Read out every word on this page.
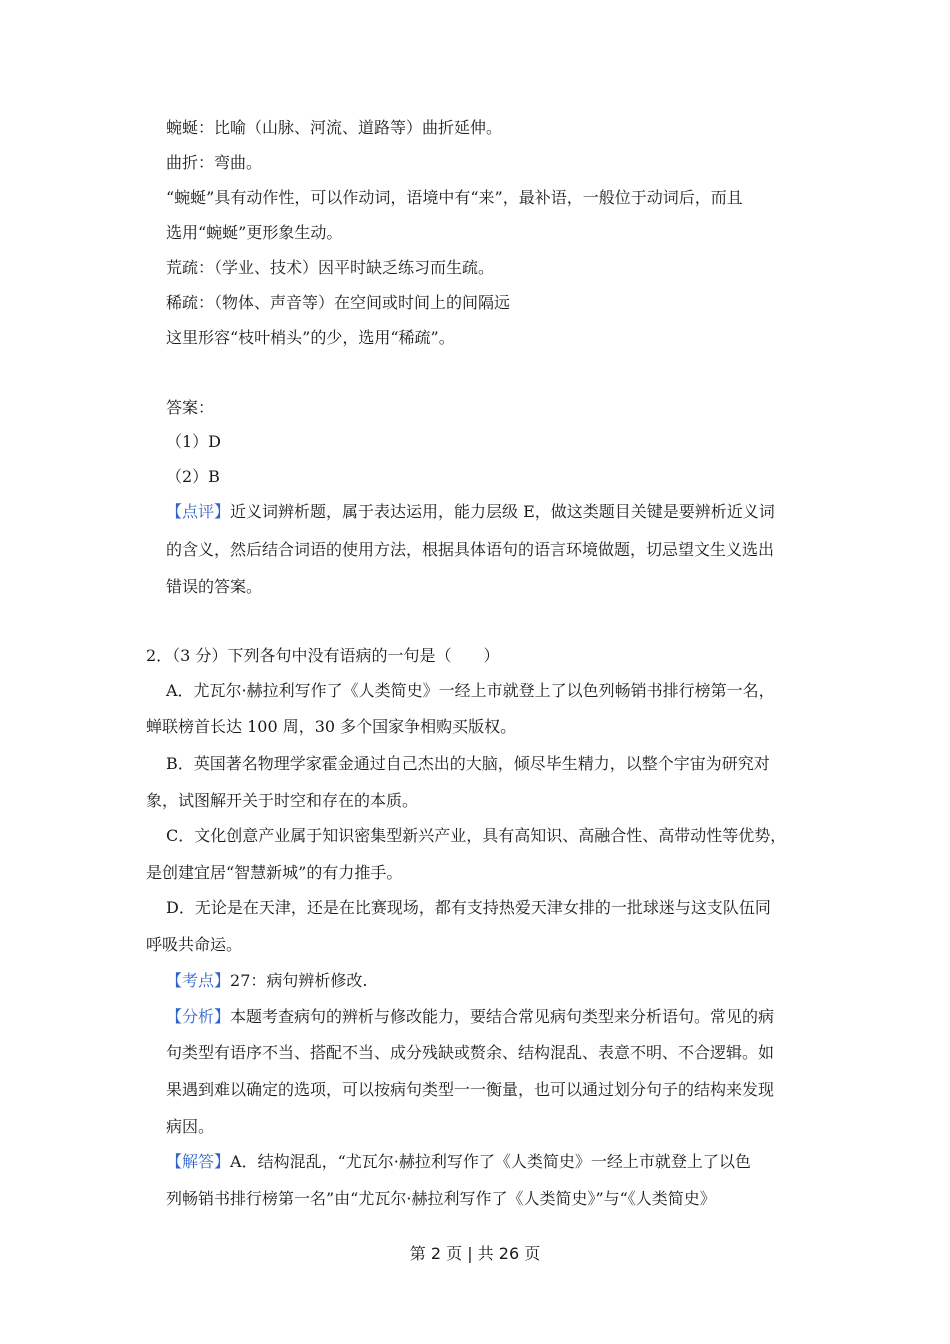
蜿蜒：比喻（山脉、河流、道路等）曲折延伸。
曲折：弯曲。
“蜿蜒”具有动作性，可以作动词，语境中有“来”，最补语，一般位于动词后，而且
选用“蜿蜒”更形象生动。
荒疏：（学业、技术）因平时缺乏练习而生疏。
稀疏：（物体、声音等）在空间或时间上的间隔远
这里形容“枝叶梢头”的少，选用“稀疏”。
答案：
（1）D
（2）B
【点评】近义词辨析题，属于表达运用，能力层级 E，做这类题目关键是要辨析近义词
的含义，然后结合词语的使用方法，根据具体语句的语言环境做题，切忌望文生义选出
错误的答案。
2．（3 分）下列各句中没有语病的一句是（　　）
A．尤瓦尔·赫拉利写作了《人类简史》一经上市就登上了以色列畅销书排行榜第一名，
蝉联榜首长达 100 周，30 多个国家争相购买版权。
B．英国著名物理学家霍金通过自己杰出的大脑，倾尽毕生精力，以整个宇宙为研究对
象，试图解开关于时空和存在的本质。
C．文化创意产业属于知识密集型新兴产业，具有高知识、高融合性、高带动性等优势，
是创建宜居“智慧新城”的有力推手。
D．无论是在天津，还是在比赛现场，都有支持热爱天津女排的一批球迷与这支队伍同
呼吸共命运。
【考点】27：病句辨析修改.
【分析】本题考查病句的辨析与修改能力，要结合常见病句类型来分析语句。常见的病
句类型有语序不当、搭配不当、成分残缺或赘余、结构混乱、表意不明、不合逻辑。如
果遇到难以确定的选项，可以按病句类型一一衡量，也可以通过划分句子的结构来发现
病因。
【解答】A．结构混乱，“尤瓦尔·赫拉利写作了《人类简史》一经上市就登上了以色
列畅销书排行榜第一名”由“尤瓦尔·赫拉利写作了《人类简史》”与“《人类简史》
第 2 页 | 共 26 页
